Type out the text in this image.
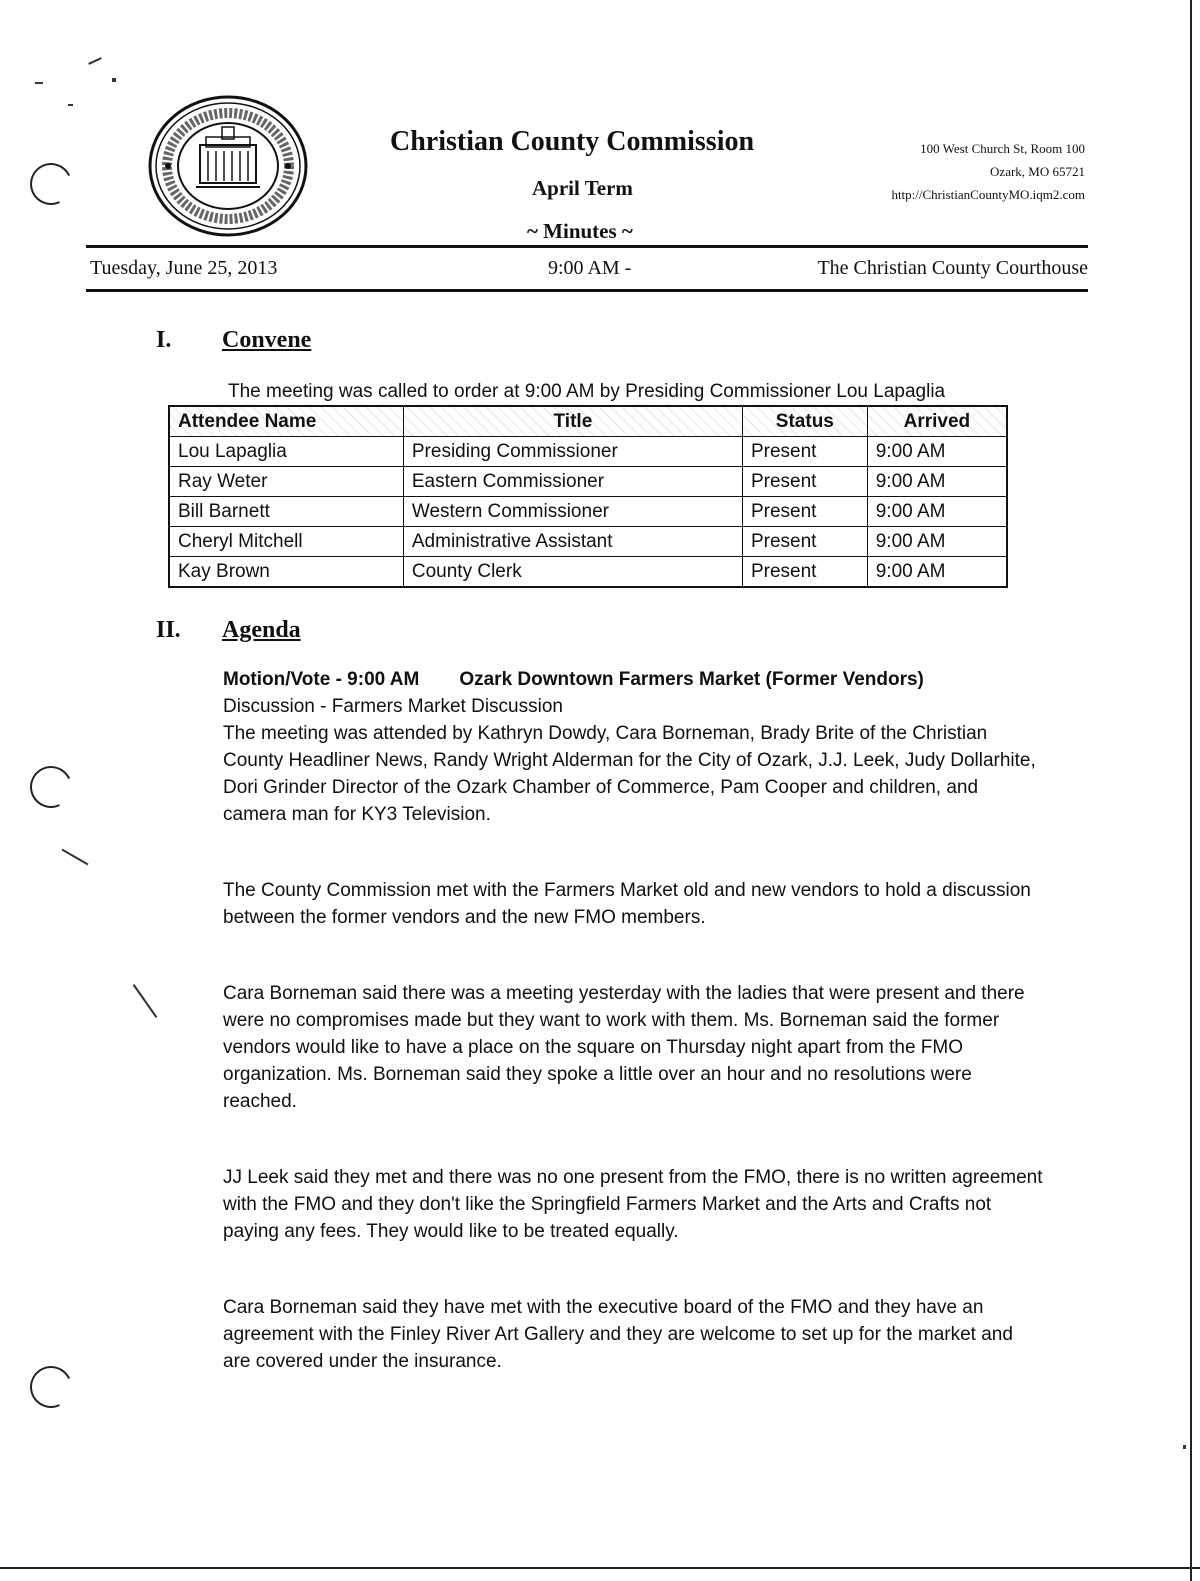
Christian County Commission
April Term
~ Minutes ~
100 West Church St, Room 100
Ozark, MO 65721
http://ChristianCountyMO.iqm2.com
Tuesday, June 25, 2013	9:00 AM -	The Christian County Courthouse
I. Convene
The meeting was called to order at 9:00 AM by Presiding Commissioner Lou Lapaglia
Attendee Name	Title	Status	Arrived
Lou Lapaglia	Presiding Commissioner	Present	9:00 AM
Ray Weter	Eastern Commissioner	Present	9:00 AM
Bill Barnett	Western Commissioner	Present	9:00 AM
Cheryl Mitchell	Administrative Assistant	Present	9:00 AM
Kay Brown	County Clerk	Present	9:00 AM
II. Agenda

Motion/Vote - 9:00 AM Ozark Downtown Farmers Market (Former Vendors)

Discussion - Farmers Market Discussion

The meeting was attended by Kathryn Dowdy, Cara Borneman, Brady Brite of the Christian County Headliner News, Randy Wright Alderman for the City of Ozark, J.J. Leek, Judy Dollarhite, Dori Grinder Director of the Ozark Chamber of Commerce, Pam Cooper and children, and camera man for KY3 Television.
The County Commission met with the Farmers Market old and new vendors to hold a discussion between the former vendors and the new FMO members.
Cara Borneman said there was a meeting yesterday with the ladies that were present and there were no compromises made but they want to work with them. Ms. Borneman said the former vendors would like to have a place on the square on Thursday night apart from the FMO organization. Ms. Borneman said they spoke a little over an hour and no resolutions were reached.
JJ Leek said they met and there was no one present from the FMO, there is no written agreement with the FMO and they don't like the Springfield Farmers Market and the Arts and Crafts not paying any fees. They would like to be treated equally.
Cara Borneman said they have met with the executive board of the FMO and they have an agreement with the Finley River Art Gallery and they are welcome to set up for the market and are covered under the insurance.
